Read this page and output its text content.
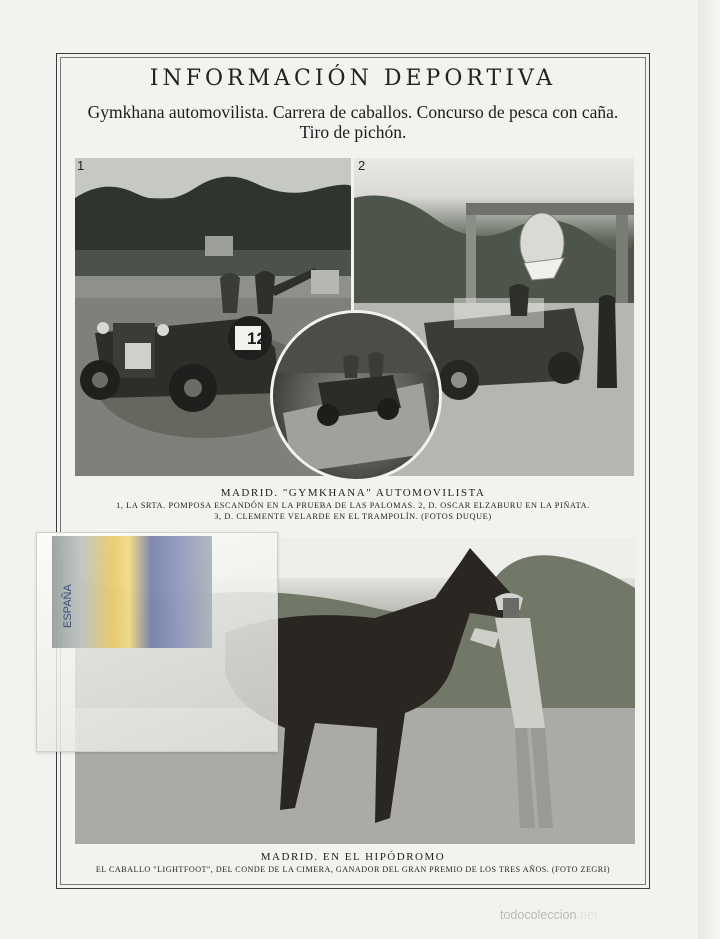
INFORMACIÓN DEPORTIVA
Gymkhana automovilista. Carrera de caballos. Concurso de pesca con caña.
Tiro de pichón.
12
1	2
MADRID. "GYMKHANA" AUTOMOVILISTA
1, LA SRTA. POMPOSA ESCANDÓN EN LA PRUEBA DE LAS PALOMAS. 2, D. OSCAR ELZABURU EN LA PIÑATA.
3, D. CLEMENTE VELARDE EN EL TRAMPOLÍN. (FOTOS DUQUE)
MADRID. EN EL HIPÓDROMO
EL CABALLO "LIGHTFOOT", DEL CONDE DE LA CIMERA, GANADOR DEL GRAN PREMIO DE LOS TRES AÑOS. (FOTO ZEGRI)
ESPAÑA
todocoleccion.net
